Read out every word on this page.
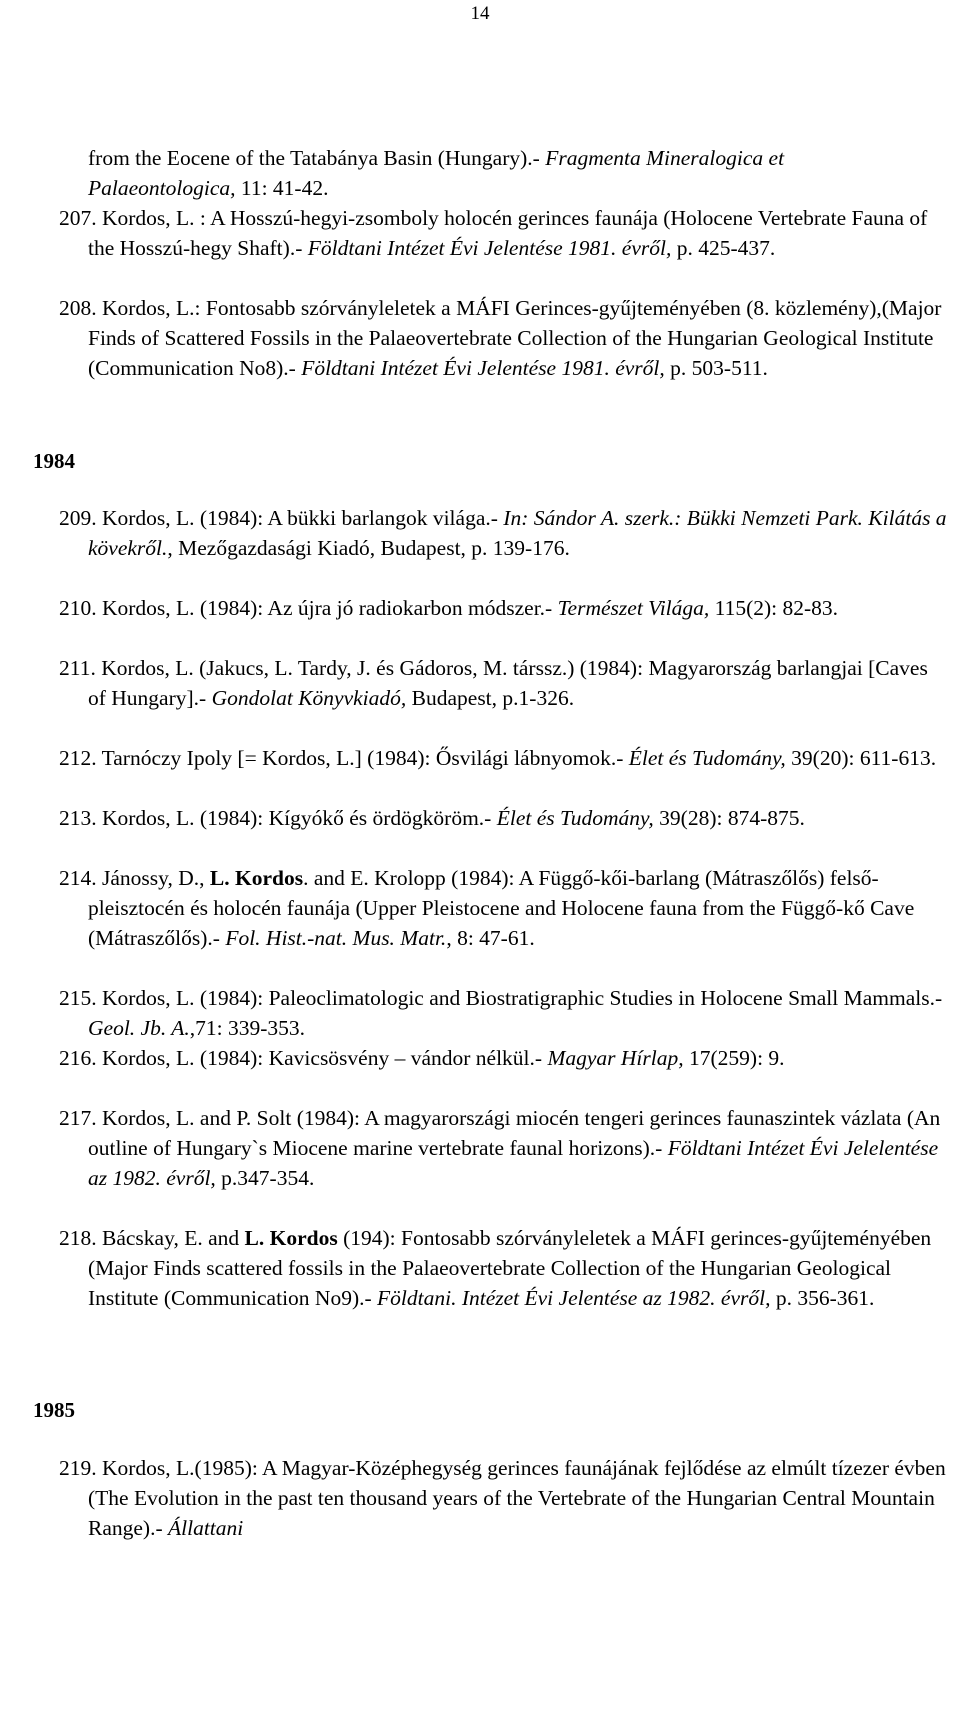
14
from the Eocene of the Tatabánya Basin (Hungary).- Fragmenta Mineralogica et Palaeontologica, 11: 41-42.
207. Kordos, L. : A Hosszú-hegyi-zsomboly holocén gerinces faunája (Holocene Vertebrate Fauna of the Hosszú-hegy Shaft).- Földtani Intézet Évi Jelentése 1981. évről, p. 425-437.
208. Kordos, L.: Fontosabb szórványleletek a MÁFI Gerinces-gyűjteményében (8. közlemény),(Major Finds of Scattered Fossils in the Palaeovertebrate Collection of the Hungarian Geological Institute (Communication No8).- Földtani Intézet Évi Jelentése 1981. évről, p. 503-511.
1984
209. Kordos, L. (1984): A bükki barlangok világa.- In: Sándor A. szerk.: Bükki Nemzeti Park. Kilátás a kövekről., Mezőgazdasági Kiadó, Budapest, p. 139-176.
210. Kordos, L. (1984): Az újra jó radiokarbon módszer.- Természet Világa, 115(2): 82-83.
211. Kordos, L. (Jakucs, L. Tardy, J. és Gádoros, M. társsz.) (1984): Magyarország barlangjai [Caves of Hungary].- Gondolat Könyvkiadó, Budapest, p.1-326.
212. Tarnóczy Ipoly [= Kordos, L.] (1984): Ősvilági lábnyomok.- Élet és Tudomány, 39(20): 611-613.
213. Kordos, L. (1984): Kígyókő és ördögköröm.- Élet és Tudomány, 39(28): 874-875.
214. Jánossy, D., L. Kordos. and E. Krolopp (1984): A Függő-kői-barlang (Mátraszőlős) felső-pleisztocén és holocén faunája (Upper Pleistocene and Holocene fauna from the Függő-kő Cave (Mátraszőlős).- Fol. Hist.-nat. Mus. Matr., 8: 47-61.
215. Kordos, L. (1984): Paleoclimatologic and Biostratigraphic Studies in Holocene Small Mammals.- Geol. Jb. A.,71: 339-353.
216. Kordos, L. (1984): Kavicsösvény – vándor nélkül.- Magyar Hírlap, 17(259): 9.
217. Kordos, L. and P. Solt (1984): A magyarországi miocén tengeri gerinces faunaszintek vázlata (An outline of Hungary`s Miocene marine vertebrate faunal horizons).- Földtani Intézet Évi Jelelentése az 1982. évről, p.347-354.
218. Bácskay, E. and L. Kordos (194): Fontosabb szórványleletek a MÁFI gerinces-gyűjteményében (Major Finds scattered fossils in the Palaeovertebrate Collection of the Hungarian Geological Institute (Communication No9).- Földtani. Intézet Évi Jelentése az 1982. évről, p. 356-361.
1985
219. Kordos, L.(1985): A Magyar-Középhegység gerinces faunájának fejlődése az elmúlt tízezer évben (The Evolution in the past ten thousand years of the Vertebrate of the Hungarian Central Mountain Range).- Állattani
